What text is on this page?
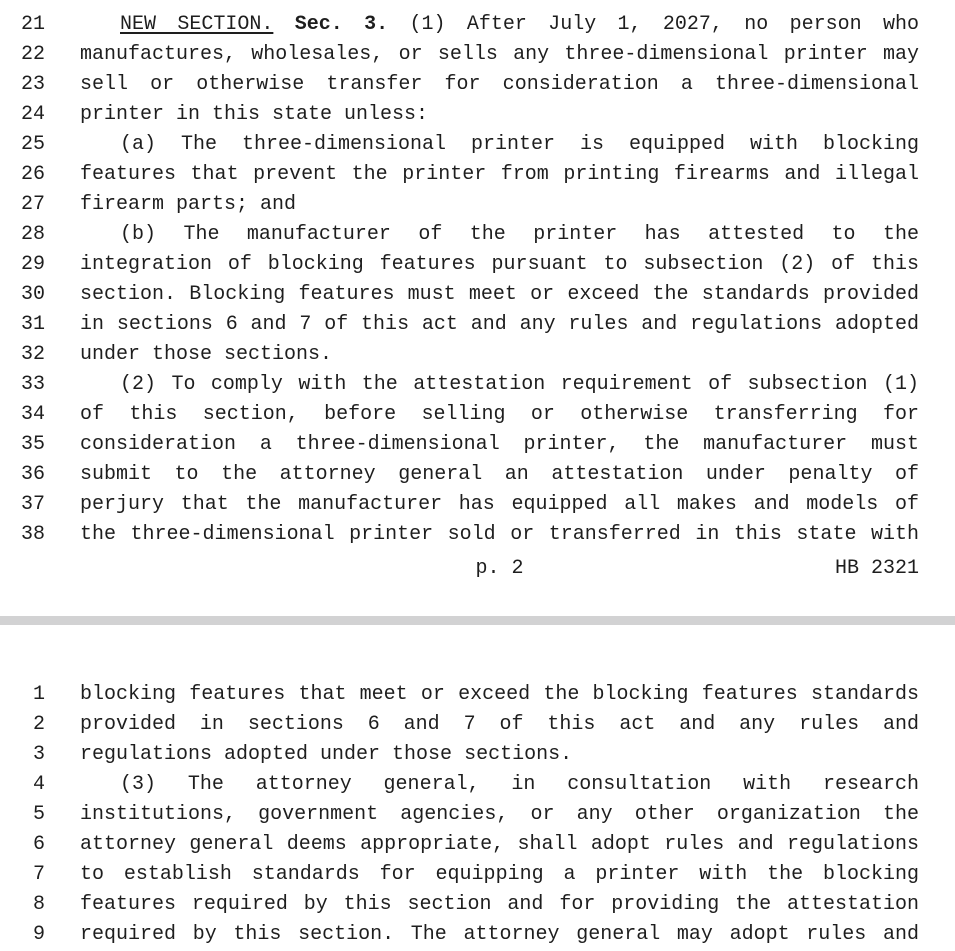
21	NEW SECTION. Sec. 3. (1) After July 1, 2027, no person who
22 manufactures, wholesales, or sells any three-dimensional printer may
23 sell or otherwise transfer for consideration a three-dimensional
24 printer in this state unless:
25	(a) The three-dimensional printer is equipped with blocking
26 features that prevent the printer from printing firearms and illegal
27 firearm parts; and
28	(b) The manufacturer of the printer has attested to the
29 integration of blocking features pursuant to subsection (2) of this
30 section. Blocking features must meet or exceed the standards provided
31 in sections 6 and 7 of this act and any rules and regulations adopted
32 under those sections.
33	(2) To comply with the attestation requirement of subsection (1)
34 of this section, before selling or otherwise transferring for
35 consideration a three-dimensional printer, the manufacturer must
36 submit to the attorney general an attestation under penalty of
37 perjury that the manufacturer has equipped all makes and models of
38 the three-dimensional printer sold or transferred in this state with
p. 2	HB 2321
1 blocking features that meet or exceed the blocking features standards
2 provided in sections 6 and 7 of this act and any rules and
3 regulations adopted under those sections.
4	(3) The attorney general, in consultation with research
5 institutions, government agencies, or any other organization the
6 attorney general deems appropriate, shall adopt rules and regulations
7 to establish standards for equipping a printer with the blocking
8 features required by this section and for providing the attestation
9 required by this section. The attorney general may adopt rules and
